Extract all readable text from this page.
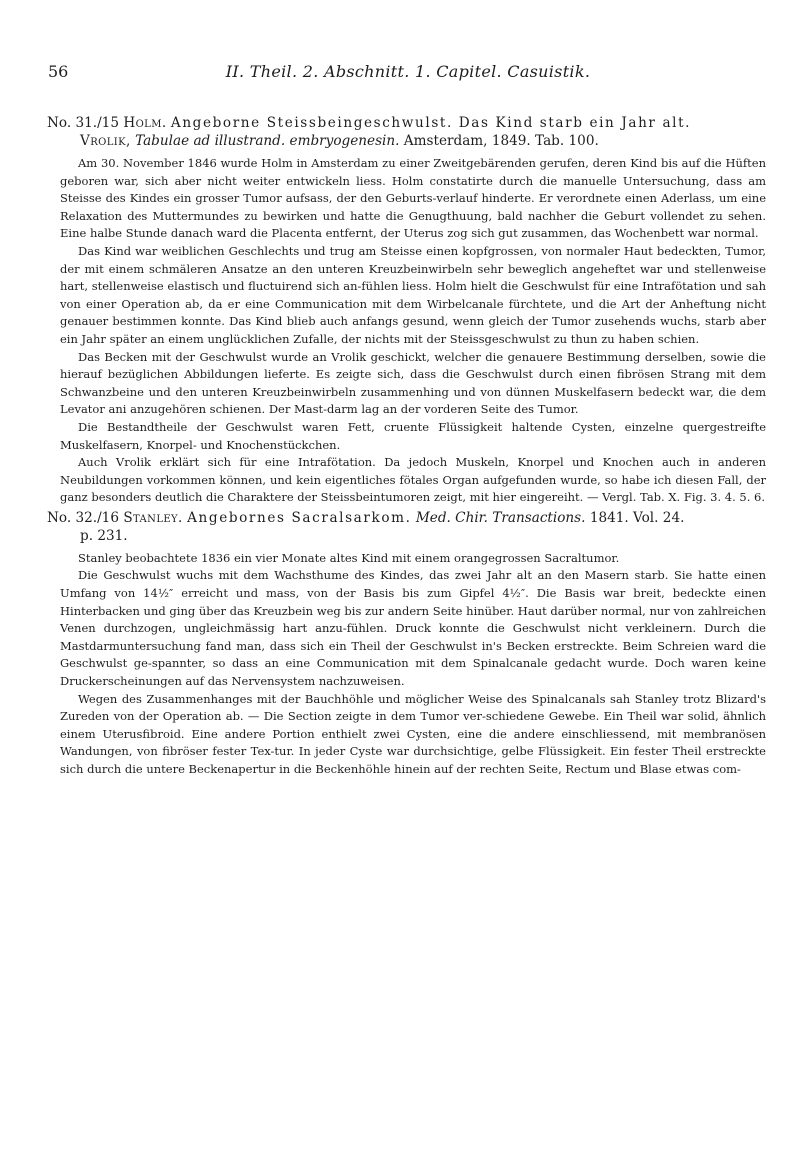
56	II. Theil. 2. Abschnitt. 1. Capitel. Casuistik.
No. 31./15 Holm. Angeborne Steissbeingeschwulst. Das Kind starb ein Jahr alt.
Vrolik, Tabulae ad illustrand. embryogenesin. Amsterdam, 1849. Tab. 100.

Am 30. November 1846 wurde Holm in Amsterdam zu einer Zweitgebärenden gerufen, deren Kind bis auf die Hüften geboren war, sich aber nicht weiter entwickeln liess. Holm constatirte durch die manuelle Untersuchung, dass am Steisse des Kindes ein grosser Tumor aufsass, der den Geburts-verlauf hinderte. Er verordnete einen Aderlass, um eine Relaxation des Muttermundes zu bewirken und hatte die Genugthuung, bald nachher die Geburt vollendet zu sehen. Eine halbe Stunde danach ward die Placenta entfernt, der Uterus zog sich gut zusammen, das Wochenbett war normal.

Das Kind war weiblichen Geschlechts und trug am Steisse einen kopfgrossen, von normaler Haut bedeckten, Tumor, der mit einem schmäleren Ansatze an den unteren Kreuzbeinwirbeln sehr beweglich angeheftet war und stellenweise hart, stellenweise elastisch und fluctuirend sich an-fühlen liess. Holm hielt die Geschwulst für eine Intrafötation und sah von einer Operation ab, da er eine Communication mit dem Wirbelcanale fürchtete, und die Art der Anheftung nicht genauer bestimmen konnte. Das Kind blieb auch anfangs gesund, wenn gleich der Tumor zusehends wuchs, starb aber ein Jahr später an einem unglücklichen Zufalle, der nichts mit der Steissgeschwulst zu thun zu haben schien.

Das Becken mit der Geschwulst wurde an Vrolik geschickt, welcher die genauere Bestimmung derselben, sowie die hierauf bezüglichen Abbildungen lieferte. Es zeigte sich, dass die Geschwulst durch einen fibrösen Strang mit dem Schwanzbeine und den unteren Kreuzbeinwirbeln zusammenhing und von dünnen Muskelfasern bedeckt war, die dem Levator ani anzugehören schienen. Der Mast-darm lag an der vorderen Seite des Tumor.

Die Bestandtheile der Geschwulst waren Fett, cruente Flüssigkeit haltende Cysten, einzelne quergestreifte Muskelfasern, Knorpel- und Knochenstückchen.

Auch Vrolik erklärt sich für eine Intrafötation. Da jedoch Muskeln, Knorpel und Knochen auch in anderen Neubildungen vorkommen können, und kein eigentliches fötales Organ aufgefunden wurde, so habe ich diesen Fall, der ganz besonders deutlich die Charaktere der Steissbeintumoren zeigt, mit hier eingereiht. — Vergl. Tab. X. Fig. 3. 4. 5. 6.

No. 32./16 Stanley. Angebornes Sacralsarkom. Med. Chir. Transactions. 1841. Vol. 24.
p. 231.

Stanley beobachtete 1836 ein vier Monate altes Kind mit einem orangegrossen Sacraltumor.

Die Geschwulst wuchs mit dem Wachsthume des Kindes, das zwei Jahr alt an den Masern starb. Sie hatte einen Umfang von 14½″ erreicht und mass, von der Basis bis zum Gipfel 4½″. Die Basis war breit, bedeckte einen Hinterbacken und ging über das Kreuzbein weg bis zur andern Seite hinüber. Haut darüber normal, nur von zahlreichen Venen durchzogen, ungleichmässig hart anzu-fühlen. Druck konnte die Geschwulst nicht verkleinern. Durch die Mastdarmuntersuchung fand man, dass sich ein Theil der Geschwulst in's Becken erstreckte. Beim Schreien ward die Geschwulst ge-spannter, so dass an eine Communication mit dem Spinalcanale gedacht wurde. Doch waren keine Druckerscheinungen auf das Nervensystem nachzuweisen.

Wegen des Zusammenhanges mit der Bauchhöhle und möglicher Weise des Spinalcanals sah Stanley trotz Blizard's Zureden von der Operation ab. — Die Section zeigte in dem Tumor ver-schiedene Gewebe. Ein Theil war solid, ähnlich einem Uterusfibroid. Eine andere Portion enthielt zwei Cysten, eine die andere einschliessend, mit membranösen Wandungen, von fibröser fester Tex-tur. In jeder Cyste war durchsichtige, gelbe Flüssigkeit. Ein fester Theil erstreckte sich durch die untere Beckenapertur in die Beckenhöhle hinein auf der rechten Seite, Rectum und Blase etwas com-
